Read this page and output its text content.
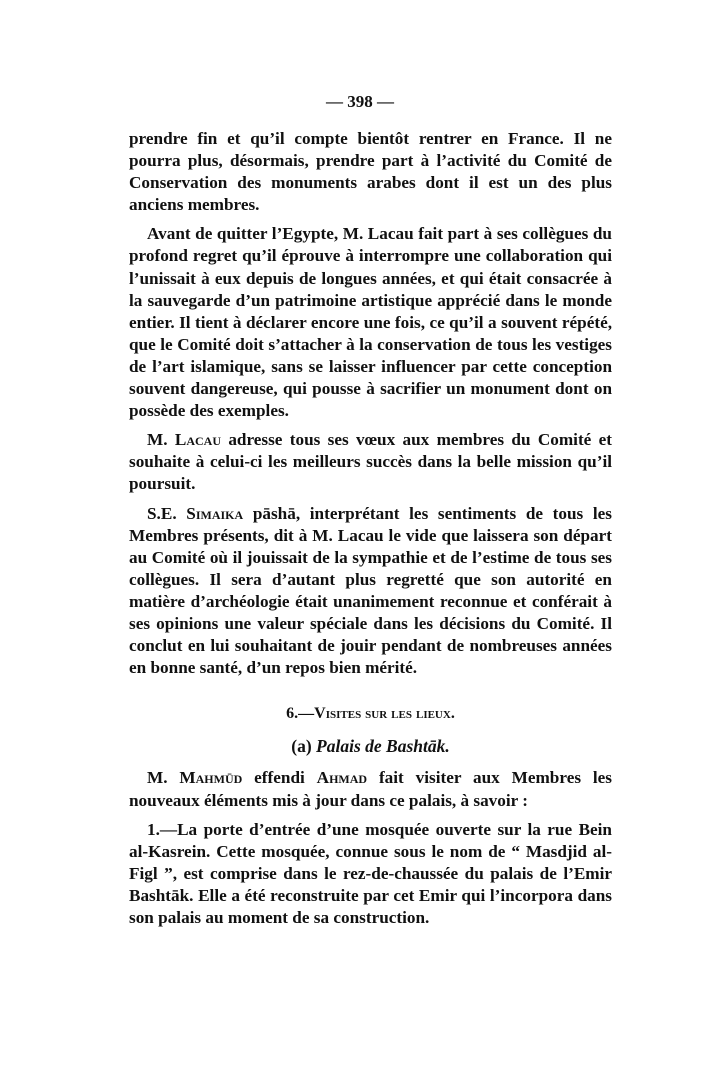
— 398 —

prendre fin et qu’il compte bientôt rentrer en France. Il ne pourra plus, désormais, prendre part à l’activité du Comité de Conservation des monuments arabes dont il est un des plus anciens membres.

Avant de quitter l’Egypte, M. Lacau fait part à ses collègues du profond regret qu’il éprouve à interrompre une collaboration qui l’unissait à eux depuis de longues années, et qui était consacrée à la sauvegarde d’un patrimoine artistique apprécié dans le monde entier. Il tient à déclarer encore une fois, ce qu’il a souvent répété, que le Comité doit s’attacher à la conservation de tous les vestiges de l’art islamique, sans se laisser influencer par cette conception souvent dangereuse, qui pousse à sacrifier un monument dont on possède des exemples.

M. Lacau adresse tous ses vœux aux membres du Comité et souhaite à celui-ci les meilleurs succès dans la belle mission qu’il poursuit.

S.E. Simaika pāshā, interprétant les sentiments de tous les Membres présents, dit à M. Lacau le vide que laissera son départ au Comité où il jouissait de la sympathie et de l’estime de tous ses collègues. Il sera d’autant plus regretté que son autorité en matière d’archéologie était unanimement reconnue et conférait à ses opinions une valeur spéciale dans les décisions du Comité. Il conclut en lui souhaitant de jouir pendant de nombreuses années en bonne santé, d’un repos bien mérité.

6.—Visites sur les lieux.
(a) Palais de Bashtāk.

M. Mahmūd effendi Ahmad fait visiter aux Membres les nouveaux éléments mis à jour dans ce palais, à savoir :

1.—La porte d’entrée d’une mosquée ouverte sur la rue Bein al-Kasrein. Cette mosquée, connue sous le nom de “ Masdjid al-Figl ”, est comprise dans le rez-de-chaussée du palais de l’Emir Bashtāk. Elle a été reconstruite par cet Emir qui l’incorpora dans son palais au moment de sa construction.
